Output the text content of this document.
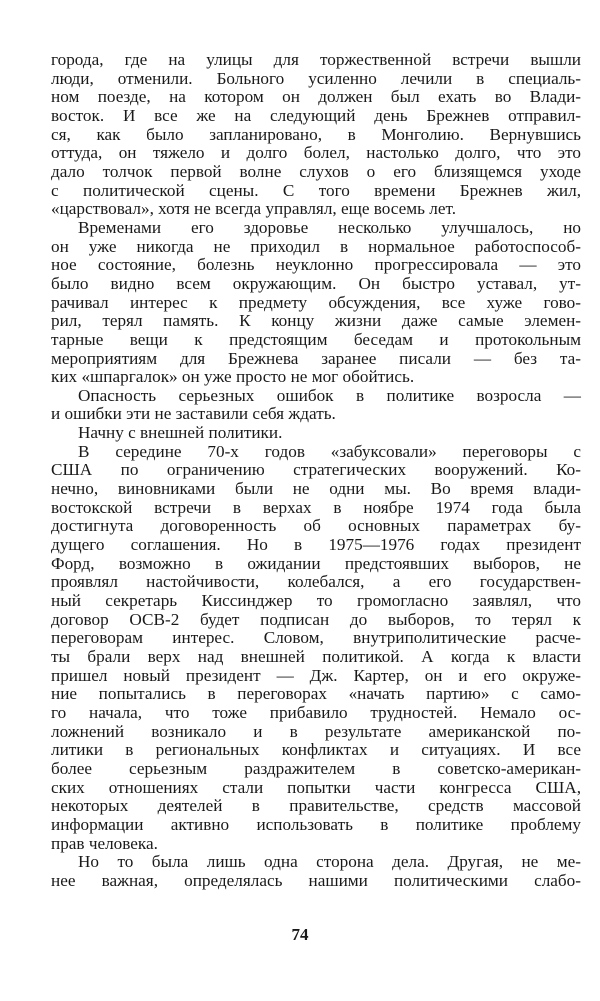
города, где на улицы для торжественной встречи вышли
люди, отменили. Больного усиленно лечили в специаль-
ном поезде, на котором он должен был ехать во Влади-
восток. И все же на следующий день Брежнев отправил-
ся, как было запланировано, в Монголию. Вернувшись
оттуда, он тяжело и долго болел, настолько долго, что это
дало толчок первой волне слухов о его близящемся уходе
с политической сцены. С того времени Брежнев жил,
«царствовал», хотя не всегда управлял, еще восемь лет.
Временами его здоровье несколько улучшалось, но
он уже никогда не приходил в нормальное работоспособ-
ное состояние, болезнь неуклонно прогрессировала — это
было видно всем окружающим. Он быстро уставал, ут-
рачивал интерес к предмету обсуждения, все хуже гово-
рил, терял память. К концу жизни даже самые элемен-
тарные вещи к предстоящим беседам и протокольным
мероприятиям для Брежнева заранее писали — без та-
ких «шпаргалок» он уже просто не мог обойтись.
Опасность серьезных ошибок в политике возросла —
и ошибки эти не заставили себя ждать.
Начну с внешней политики.
В середине 70-х годов «забуксовали» переговоры с
США по ограничению стратегических вооружений. Ко-
нечно, виновниками были не одни мы. Во время влади-
востокской встречи в верхах в ноябре 1974 года была
достигнута договоренность об основных параметрах бу-
дущего соглашения. Но в 1975—1976 годах президент
Форд, возможно в ожидании предстоявших выборов, не
проявлял настойчивости, колебался, а его государствен-
ный секретарь Киссинджер то громогласно заявлял, что
договор ОСВ-2 будет подписан до выборов, то терял к
переговорам интерес. Словом, внутриполитические расче-
ты брали верх над внешней политикой. А когда к власти
пришел новый президент — Дж. Картер, он и его окруже-
ние попытались в переговорах «начать партию» с само-
го начала, что тоже прибавило трудностей. Немало ос-
ложнений возникало и в результате американской по-
литики в региональных конфликтах и ситуациях. И все
более серьезным раздражителем в советско-американ-
ских отношениях стали попытки части конгресса США,
некоторых деятелей в правительстве, средств массовой
информации активно использовать в политике проблему
прав человека.
Но то была лишь одна сторона дела. Другая, не ме-
нее важная, определялась нашими политическими слабо-
74
